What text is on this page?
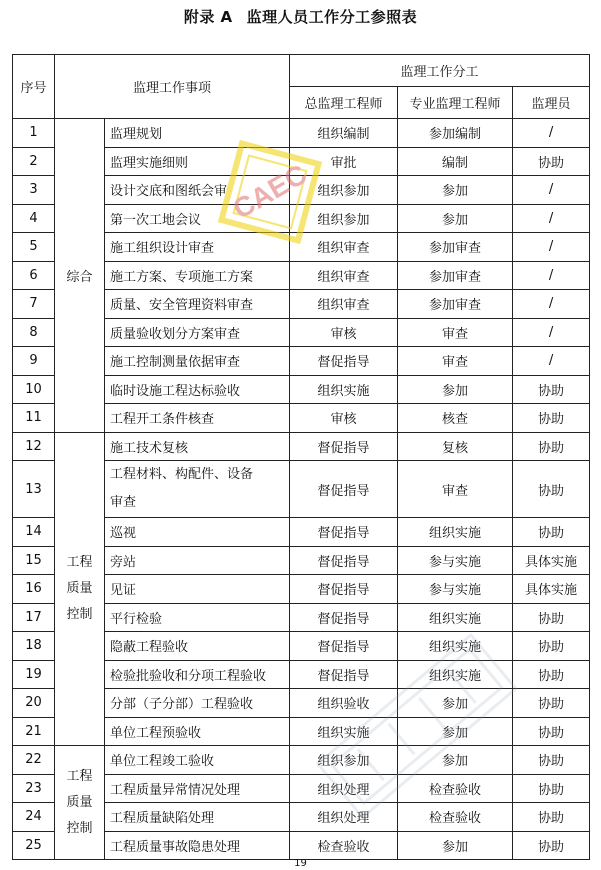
附录 A 监理人员工作分工参照表
序号	监理工作事项		监理工作分工		
			总监理工程师	专业监理工程师	监理员
1	综合	监理规划	组织编制	参加编制	/
2		监理实施细则	审批	编制	协助
3		设计交底和图纸会审	组织参加	参加	/
4		第一次工地会议	组织参加	参加	/
5		施工组织设计审查	组织审查	参加审查	/
6		施工方案、专项施工方案	组织审查	参加审查	/
7		质量、安全管理资料审查	组织审查	参加审查	/
8		质量验收划分方案审查	审核	审查	/
9		施工控制测量依据审查	督促指导	审查	/
10		临时设施工程达标验收	组织实施	参加	协助
11		工程开工条件核查	审核	核查	协助
12	工程
质量
控制	施工技术复核	督促指导	复核	协助
13		工程材料、构配件、设备
审查	督促指导	审查	协助
14		巡视	督促指导	组织实施	协助
15		旁站	督促指导	参与实施	具体实施
16		见证	督促指导	参与实施	具体实施
17		平行检验	督促指导	组织实施	协助
18		隐蔽工程验收	督促指导	组织实施	协助
19		检验批验收和分项工程验收	督促指导	组织实施	协助
20		分部（子分部）工程验收	组织验收	参加	协助
21		单位工程预验收	组织实施	参加	协助
22	工程
质量
控制	单位工程竣工验收	组织参加	参加	协助
23		工程质量异常情况处理	组织处理	检查验收	协助
24		工程质量缺陷处理	组织处理	检查验收	协助
25		工程质量事故隐患处理	检查验收	参加	协助
CAEC
19
